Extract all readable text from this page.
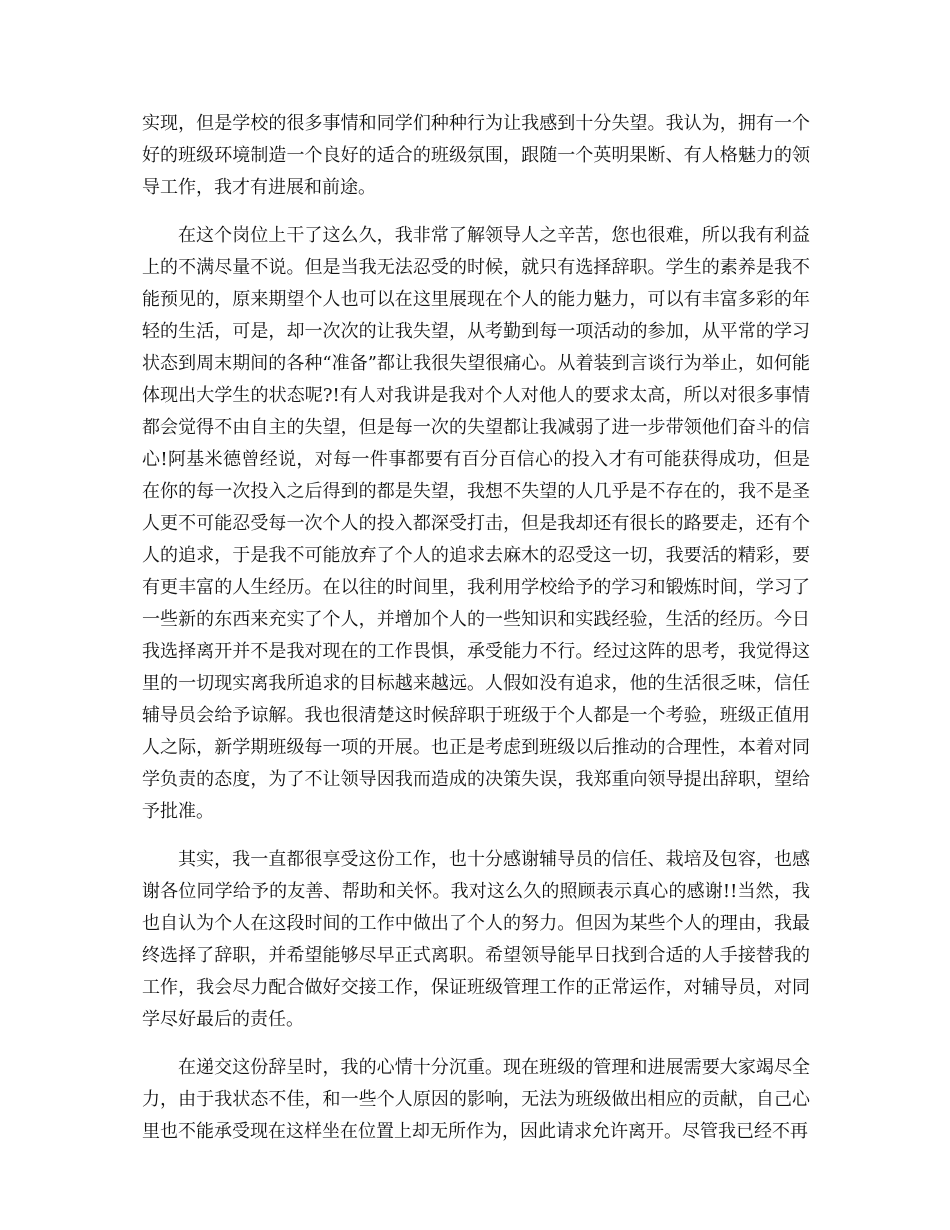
实现，但是学校的很多事情和同学们种种行为让我感到十分失望。我认为，拥有一个好的班级环境制造一个良好的适合的班级氛围，跟随一个英明果断、有人格魅力的领导工作，我才有进展和前途。

在这个岗位上干了这么久，我非常了解领导人之辛苦，您也很难，所以我有利益上的不满尽量不说。但是当我无法忍受的时候，就只有选择辞职。学生的素养是我不能预见的，原来期望个人也可以在这里展现在个人的能力魅力，可以有丰富多彩的年轻的生活，可是，却一次次的让我失望，从考勤到每一项活动的参加，从平常的学习状态到周末期间的各种“准备”都让我很失望很痛心。从着装到言谈行为举止，如何能体现出大学生的状态呢?!有人对我讲是我对个人对他人的要求太高，所以对很多事情都会觉得不由自主的失望，但是每一次的失望都让我减弱了进一步带领他们奋斗的信心!阿基米德曾经说，对每一件事都要有百分百信心的投入才有可能获得成功，但是在你的每一次投入之后得到的都是失望，我想不失望的人几乎是不存在的，我不是圣人更不可能忍受每一次个人的投入都深受打击，但是我却还有很长的路要走，还有个人的追求，于是我不可能放弃了个人的追求去麻木的忍受这一切，我要活的精彩，要有更丰富的人生经历。在以往的时间里，我利用学校给予的学习和锻炼时间，学习了一些新的东西来充实了个人，并增加个人的一些知识和实践经验，生活的经历。今日我选择离开并不是我对现在的工作畏惧，承受能力不行。经过这阵的思考，我觉得这里的一切现实离我所追求的目标越来越远。人假如没有追求，他的生活很乏味，信任辅导员会给予谅解。我也很清楚这时候辞职于班级于个人都是一个考验，班级正值用人之际，新学期班级每一项的开展。也正是考虑到班级以后推动的合理性，本着对同学负责的态度，为了不让领导因我而造成的决策失误，我郑重向领导提出辞职，望给予批准。

其实，我一直都很享受这份工作，也十分感谢辅导员的信任、栽培及包容，也感谢各位同学给予的友善、帮助和关怀。我对这么久的照顾表示真心的感谢!!当然，我也自认为个人在这段时间的工作中做出了个人的努力。但因为某些个人的理由，我最终选择了辞职，并希望能够尽早正式离职。希望领导能早日找到合适的人手接替我的工作，我会尽力配合做好交接工作，保证班级管理工作的正常运作，对辅导员，对同学尽好最后的责任。

在递交这份辞呈时，我的心情十分沉重。现在班级的管理和进展需要大家竭尽全力，由于我状态不佳，和一些个人原因的影响，无法为班级做出相应的贡献，自己心里也不能承受现在这样坐在位置上却无所作为，因此请求允许离开。尽管我已经不再
